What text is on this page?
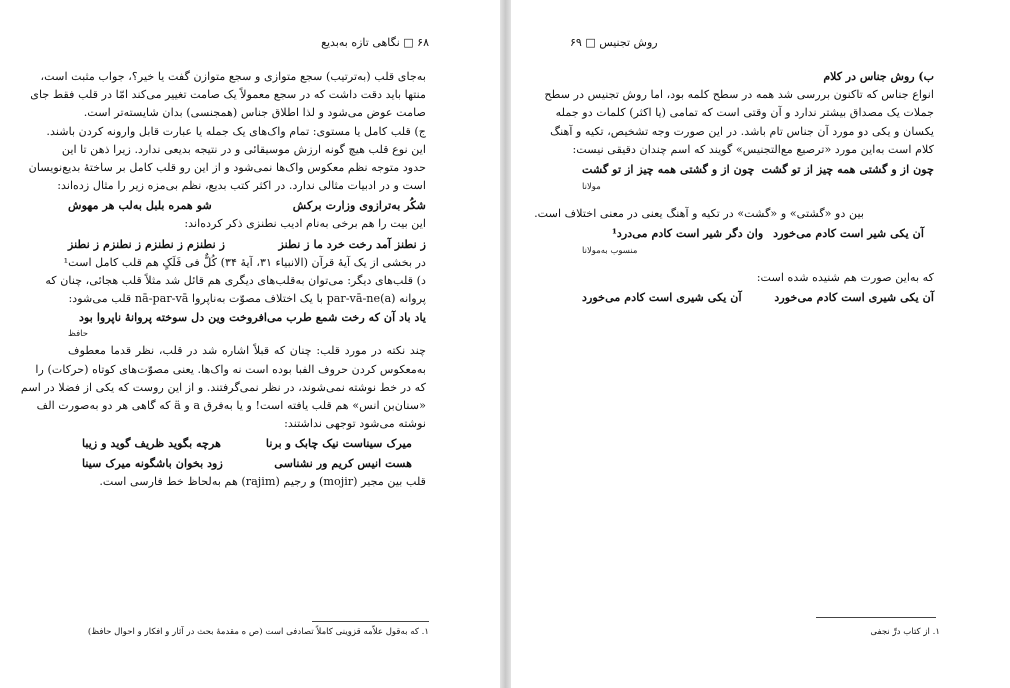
۶۸ □ نگاهی تازه به‌بدیع
به‌جای قلب (به‌ترتیب) سجع متوازی و سجع متوازن گفت یا خیر؟، جواب مثبت است،
منتها باید دقت داشت که در سجع معمولاً یک صامت تغییر می‌کند امّا در قلب فقط جای
صامت عوض می‌شود و لذا اطلاق جناس (همجنسی) بدان شایسته‌تر است.
ج) قلب کامل یا مستوی: تمام واک‌های یک جمله یا عبارت قابل وارونه کردن باشند.
این نوع قلب هیچ گونه ارزش موسیقائی و در نتیجه بدیعی ندارد. زیرا ذهن تا این
حدود متوجه نظم معکوس واک‌ها نمی‌شود و از این رو قلب کامل بر ساختهٔ بدیع‌نویسان
است و در ادبیات مثالی ندارد. در اکثر کتب بدیع، نظم بی‌مزه زیر را مثال زده‌اند:
شکُر به‌ترازوی وزارت برکش
شو همره بلبل به‌لب هر مهوش
این بیت را هم برخی به‌نام ادیب نطنزی ذکر کرده‌اند:
ز نطنز آمد رخت خرد ما ز نطنز
ز نطنزم ز نطنزم ز نطنزم ز نطنز
در بخشی از یک آیهٔ قرآن (الانبیاء ۳۱، آیهٔ ۳۴) کُلٌّ فی فَلَکٍ هم قلب کامل است¹
د) قلب‌های دیگر: می‌توان به‌قلب‌های دیگری هم قائل شد مثلاً قلب هجائی، چنان که
پروانه par-vā-ne(a) با یک اختلاف مصوّت به‌ناپروا nā-par-vā قلب می‌شود:
یاد باد آن که رخت شمع طرب می‌افروخت وین دل سوخته پروانهٔ ناپروا بود
حافظ
چند نکته در مورد قلب: چنان که قبلاً اشاره شد در قلب، نظر قدما معطوف
به‌معکوس کردن حروف الفبا بوده است نه واک‌ها. یعنی مصوّت‌های کوتاه (حرکات) را
که در خط نوشته نمی‌شوند، در نظر نمی‌گرفتند. و از این روست که یکی از فضلا در اسم
«سنان‌بن انس» هم قلب یافته است! و یا به‌فرق a و ä که گاهی هر دو به‌صورت الف
نوشته می‌شود توجهی نداشتند:
میرک سیناست نیک چابک و برنا
هرچه بگوید ظریف گوید و زیبا
هست انیس کریم ور نشناسی
زود بخوان باشگونه میرک سینا
قلب بین مجیر (mojir) و رجیم (rajim) هم به‌لحاظ خط فارسی است.
۱. که به‌قول علاّمه قزوینی کاملاً تصادفی است (ص ه مقدمهٔ بحث در آثار و افکار و احوال حافظ)
روش تجنیس □ ۶۹
ب) روش جناس در کلام
انواع جناس که تاکنون بررسی شد همه در سطح کلمه بود، اما روش تجنیس در سطح
جملات یک مصداق بیشتر ندارد و آن وقتی است که تمامی (یا اکثر) کلمات دو جمله
یکسان و یکی دو مورد آن جناس تام باشد. در این صورت وجه تشخیص، تکیه و آهنگ
کلام است به‌این مورد «ترصیع مع‌التجنیس» گویند که اسم چندان دقیقی نیست:
چون از و گشتی همه چیز از تو گشت
چون از و گشتی همه چیز از تو گشت
مولانا
بین دو «گشتی» و «گشت» در تکیه و آهنگ یعنی در معنی اختلاف است.
آن یکی شیر است کادم می‌خورد
وان دگر شیر است کادم می‌درد¹
منسوب به‌مولانا
که به‌این صورت هم شنیده شده است:
آن یکی شیری است کادم می‌خورد
آن یکی شیری است کادم می‌خورد
۱. از کتاب درِّ نجفی
